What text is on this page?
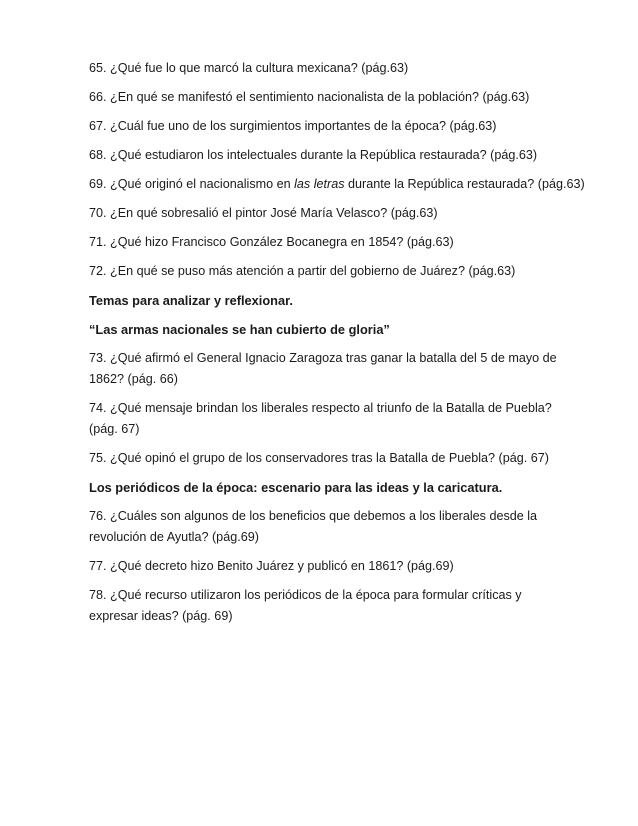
65. ¿Qué fue lo que marcó la cultura mexicana? (pág.63)

66. ¿En qué se manifestó el sentimiento nacionalista de la población? (pág.63)

67. ¿Cuál fue uno de los surgimientos importantes de la época? (pág.63)

68. ¿Qué estudiaron los intelectuales durante la República restaurada? (pág.63)

69. ¿Qué originó el nacionalismo en las letras durante la República restaurada? (pág.63)

70. ¿En qué sobresalió el pintor José María Velasco? (pág.63)

71. ¿Qué hizo Francisco González Bocanegra en 1854? (pág.63)

72. ¿En qué se puso más atención a partir del gobierno de Juárez? (pág.63)

Temas para analizar y reflexionar.

“Las armas nacionales se han cubierto de gloria”

73. ¿Qué afirmó el General Ignacio Zaragoza tras ganar la batalla del 5 de mayo de 1862? (pág. 66)

74. ¿Qué mensaje brindan los liberales respecto al triunfo de la Batalla de Puebla? (pág. 67)

75. ¿Qué opinó el grupo de los conservadores tras la Batalla de Puebla? (pág. 67)

Los periódicos de la época: escenario para las ideas y la caricatura.

76. ¿Cuáles son algunos de los beneficios que debemos a los liberales desde la revolución de Ayutla? (pág.69)

77. ¿Qué decreto hizo Benito Juárez y publicó en 1861? (pág.69)

78. ¿Qué recurso utilizaron los periódicos de la época para formular críticas y expresar ideas? (pág. 69)
